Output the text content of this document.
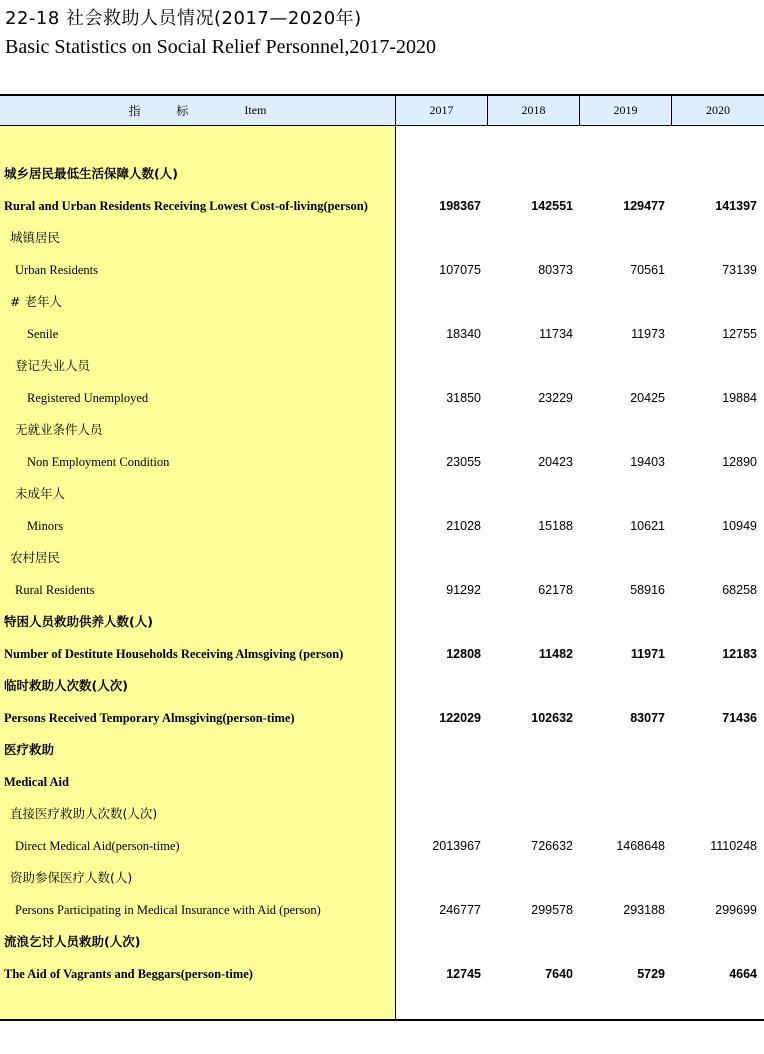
22-18 社会救助人员情况(2017—2020年)
Basic Statistics on Social Relief Personnel,2017-2020
指 标	Item	2017	2018	2019	2020
城乡居民最低生活保障人数(人)
Rural and Urban Residents Receiving Lowest Cost-of-living(person)	198367	142551	129477	141397
城镇居民
Urban Residents	107075	80373	70561	73139
# 老年人
Senile	18340	11734	11973	12755
登记失业人员
Registered Unemployed	31850	23229	20425	19884
无就业条件人员
Non Employment Condition	23055	20423	19403	12890
未成年人
Minors	21028	15188	10621	10949
农村居民
Rural Residents	91292	62178	58916	68258
特困人员救助供养人数(人)
Number of Destitute Households Receiving Almsgiving (person)	12808	11482	11971	12183
临时救助人次数(人次)
Persons Received Temporary Almsgiving(person-time)	122029	102632	83077	71436
医疗救助
Medical Aid
直接医疗救助人次数(人次)
Direct Medical Aid(person-time)	2013967	726632	1468648	1110248
资助参保医疗人数(人)
Persons Participating in Medical Insurance with Aid (person)	246777	299578	293188	299699
流浪乞讨人员救助(人次)
The Aid of Vagrants and Beggars(person-time)	12745	7640	5729	4664
